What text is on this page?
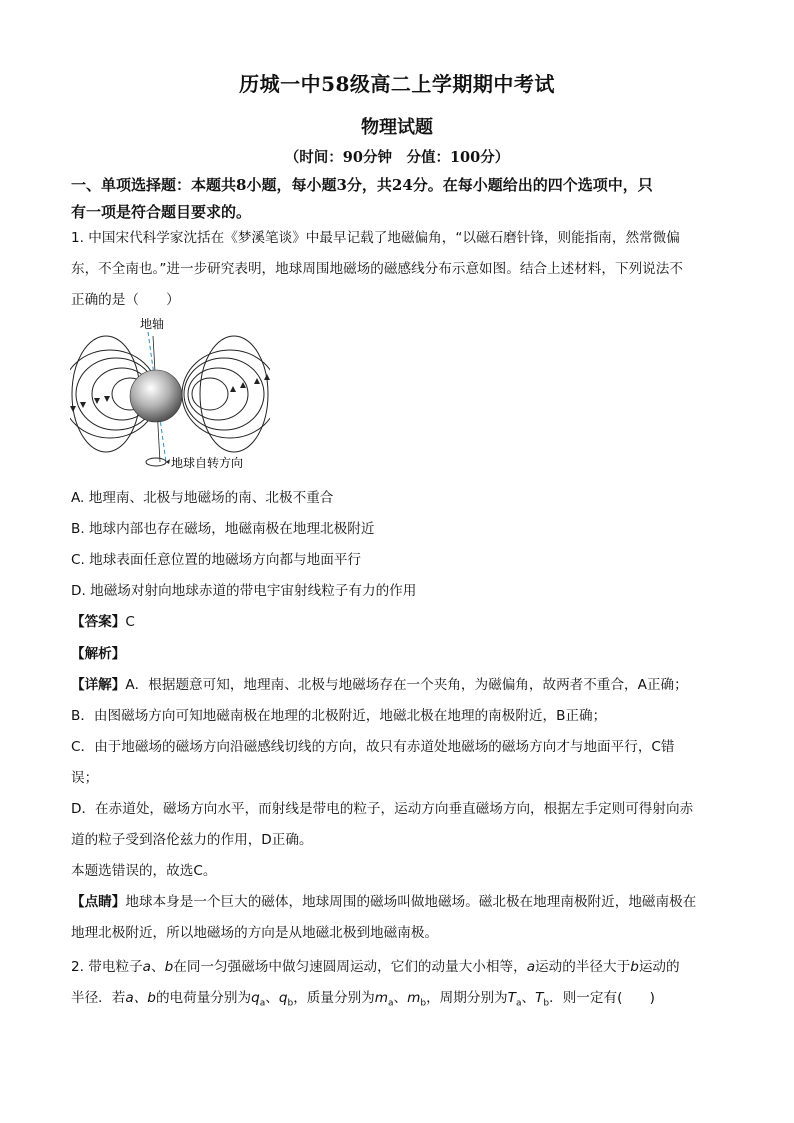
历城一中58级高二上学期期中考试
物理试题
（时间：90分钟　分值：100分）
一、单项选择题：本题共8小题，每小题3分，共24分。在每小题给出的四个选项中，只
有一项是符合题目要求的。
1. 中国宋代科学家沈括在《梦溪笔谈》中最早记载了地磁偏角，“以磁石磨针锋，则能指南，然常微偏
东，不全南也。”进一步研究表明，地球周围地磁场的磁感线分布示意如图。结合上述材料，下列说法不
正确的是（　　）
地轴
地球自转方向
A. 地理南、北极与地磁场的南、北极不重合
B. 地球内部也存在磁场，地磁南极在地理北极附近
C. 地球表面任意位置的地磁场方向都与地面平行
D. 地磁场对射向地球赤道的带电宇宙射线粒子有力的作用
【答案】C
【解析】
【详解】A．根据题意可知，地理南、北极与地磁场存在一个夹角，为磁偏角，故两者不重合，A正确；
B．由图磁场方向可知地磁南极在地理的北极附近，地磁北极在地理的南极附近，B正确；
C．由于地磁场的磁场方向沿磁感线切线的方向，故只有赤道处地磁场的磁场方向才与地面平行，C错
误；
D．在赤道处，磁场方向水平，而射线是带电的粒子，运动方向垂直磁场方向，根据左手定则可得射向赤
道的粒子受到洛伦兹力的作用，D正确。
本题选错误的，故选C。
【点睛】地球本身是一个巨大的磁体，地球周围的磁场叫做地磁场。磁北极在地理南极附近，地磁南极在
地理北极附近，所以地磁场的方向是从地磁北极到地磁南极。
2. 带电粒子a、b在同一匀强磁场中做匀速圆周运动，它们的动量大小相等，a运动的半径大于b运动的
半径．若a、b的电荷量分别为$q_a$、$q_b$，质量分别为$m_a$、$m_b$，周期分别为$T_a$、$T_b$．则一定有(　　)
